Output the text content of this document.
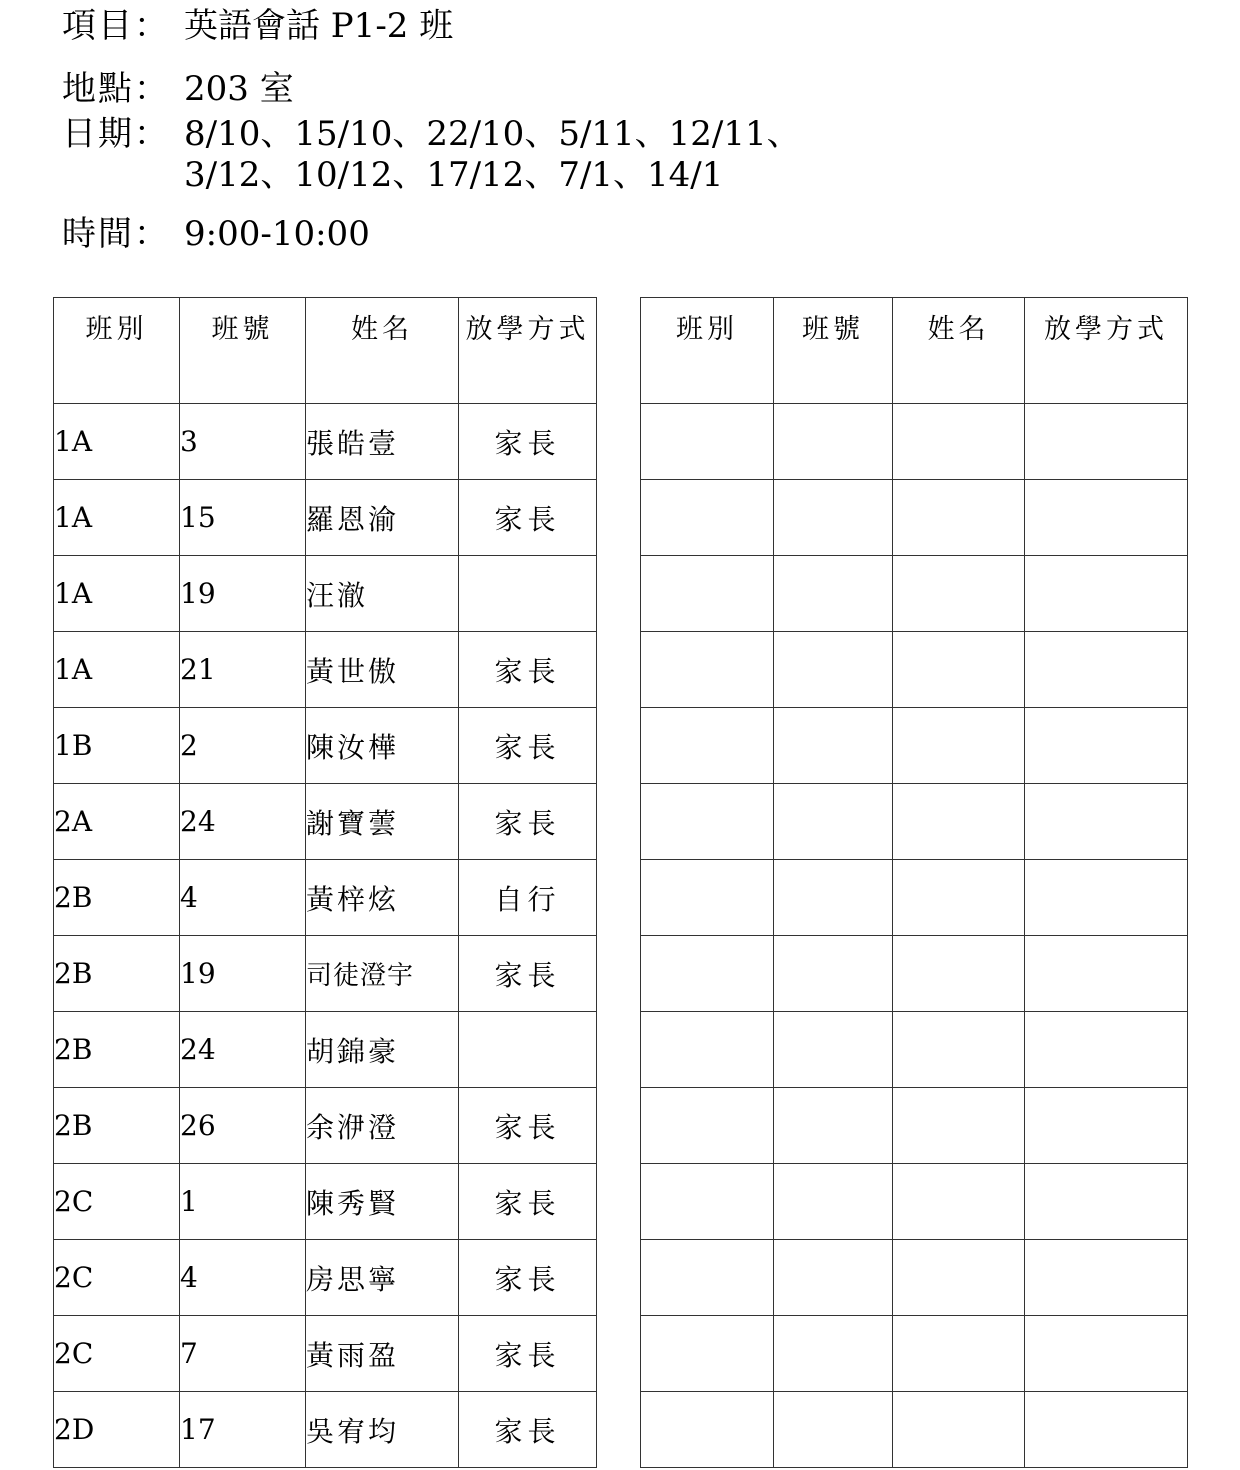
項目： 英語會話 P1-2 班
地點： 203 室
日期： 8/10、15/10、22/10、5/11、12/11、
3/12、10/12、17/12、7/1、14/1
時間： 9:00-10:00
班別	班號	姓名	放學方式
1A	3	張皓壹	家長
1A	15	羅恩渝	家長
1A	19	汪澈	
1A	21	黃世傲	家長
1B	2	陳汝樺	家長
2A	24	謝寶蕓	家長
2B	4	黃梓炫	自行
2B	19	司徒澄宇	家長
2B	24	胡錦豪	
2B	26	余洢澄	家長
2C	1	陳秀賢	家長
2C	4	房思寧	家長
2C	7	黃雨盈	家長
2D	17	吳宥均	家長
班別	班號	姓名	放學方式
